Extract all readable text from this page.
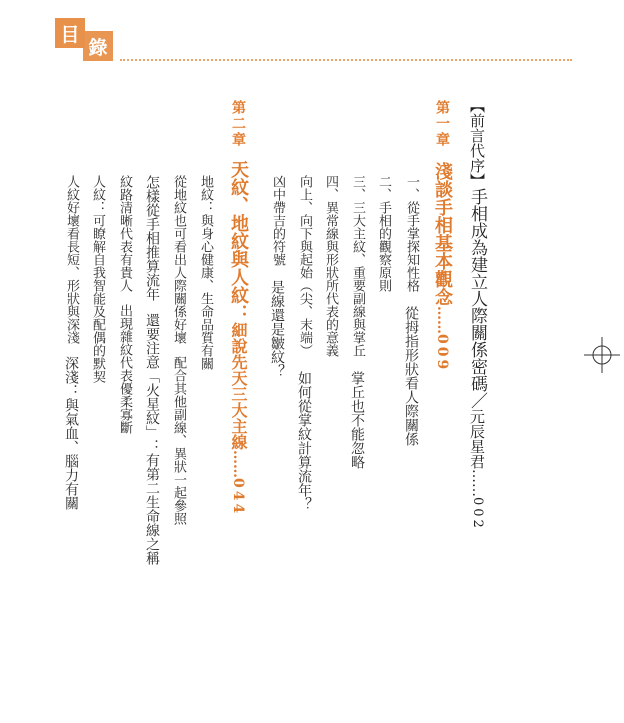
目
錄
【前言代序】手相成為建立人際關係密碼／元辰星君……002
第一章淺談手相基本觀念……009
一、從手掌探知性格從拇指形狀看人際關係
二、手相的觀察原則
三、三大主紋、重要副線與掌丘掌丘也不能忽略
四、異常線與形狀所代表的意義
向上、向下與起始（尖、末端）如何從掌紋計算流年？
凶中帶吉的符號是線還是皺紋？
第二章天紋、地紋與人紋：細說先天三大主線……044
地紋：與身心健康、生命品質有關
從地紋也可看出人際關係好壞配合其他副線、異狀一起參照
怎樣從手相推算流年還要注意「火星紋」：有第二生命線之稱
紋路清晰代表有貴人出現雜紋代表優柔寡斷
人紋：可瞭解自我智能及配偶的默契
人紋好壞看長短、形狀與深淺深淺：與氣血、腦力有關
